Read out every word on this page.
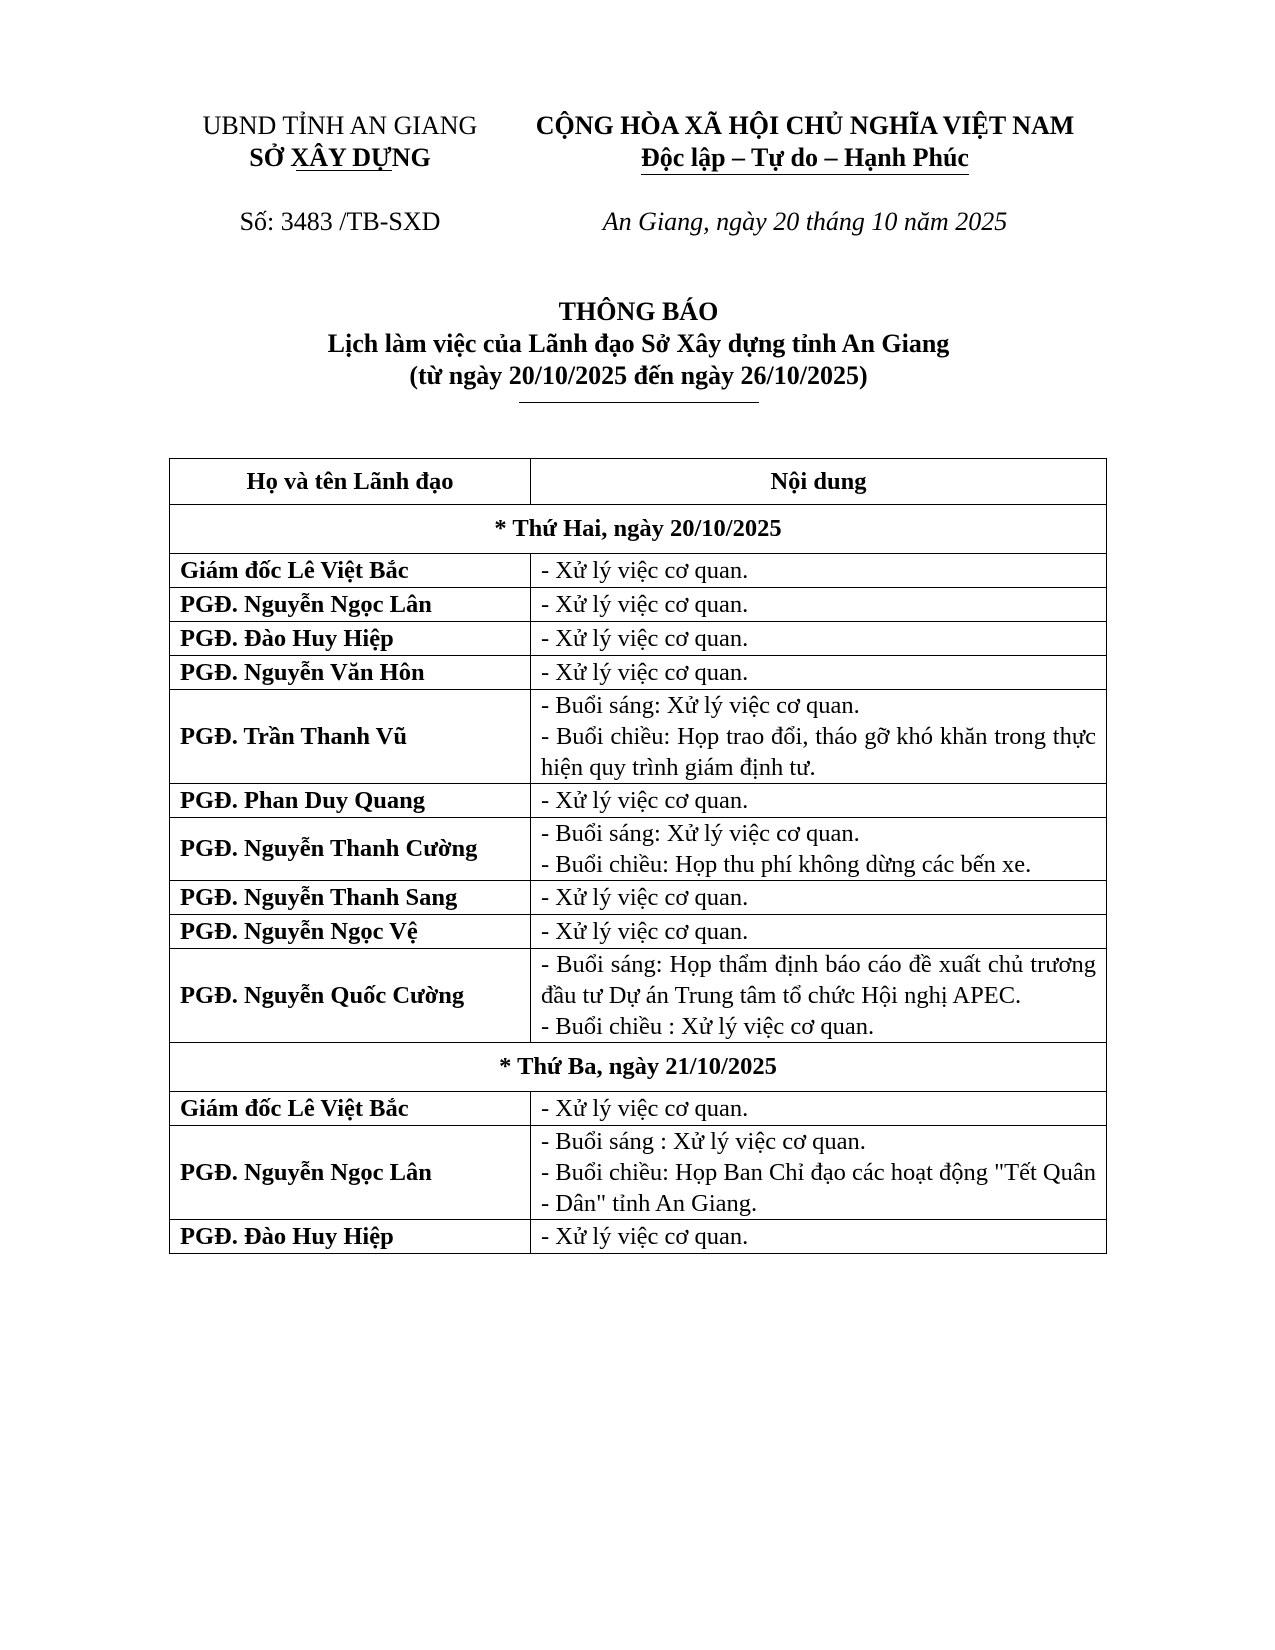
UBND TỈNH AN GIANG
SỞ XÂY DỰNG
CỘNG HÒA XÃ HỘI CHỦ NGHĨA VIỆT NAM
Độc lập – Tự do – Hạnh Phúc
Số: 3483 /TB-SXD	An Giang, ngày 20 tháng 10 năm 2025
THÔNG BÁO
Lịch làm việc của Lãnh đạo Sở Xây dựng tỉnh An Giang
(từ ngày 20/10/2025 đến ngày 26/10/2025)
Họ và tên Lãnh đạo	Nội dung
* Thứ Hai, ngày 20/10/2025	
Giám đốc Lê Việt Bắc	- Xử lý việc cơ quan.

PGĐ. Nguyễn Ngọc Lân	- Xử lý việc cơ quan.

PGĐ. Đào Huy Hiệp	- Xử lý việc cơ quan.

PGĐ. Nguyễn Văn Hôn	- Xử lý việc cơ quan.

PGĐ. Trần Thanh Vũ	- Buổi sáng: Xử lý việc cơ quan.
- Buổi chiều: Họp trao đổi, tháo gỡ khó khăn trong thực hiện quy trình giám định tư.

PGĐ. Phan Duy Quang	- Xử lý việc cơ quan.

PGĐ. Nguyễn Thanh Cường	- Buổi sáng: Xử lý việc cơ quan.
- Buổi chiều: Họp thu phí không dừng các bến xe.

PGĐ. Nguyễn Thanh Sang	- Xử lý việc cơ quan.

PGĐ. Nguyễn Ngọc Vệ	- Xử lý việc cơ quan.

PGĐ. Nguyễn Quốc Cường	- Buổi sáng: Họp thẩm định báo cáo đề xuất chủ trương đầu tư Dự án Trung tâm tổ chức Hội nghị APEC.
- Buổi chiều : Xử lý việc cơ quan.

* Thứ Ba, ngày 21/10/2025	
Giám đốc Lê Việt Bắc	- Xử lý việc cơ quan.

PGĐ. Nguyễn Ngọc Lân	- Buổi sáng : Xử lý việc cơ quan.
- Buổi chiều: Họp Ban Chỉ đạo các hoạt động "Tết Quân - Dân" tỉnh An Giang.

PGĐ. Đào Huy Hiệp	- Xử lý việc cơ quan.
